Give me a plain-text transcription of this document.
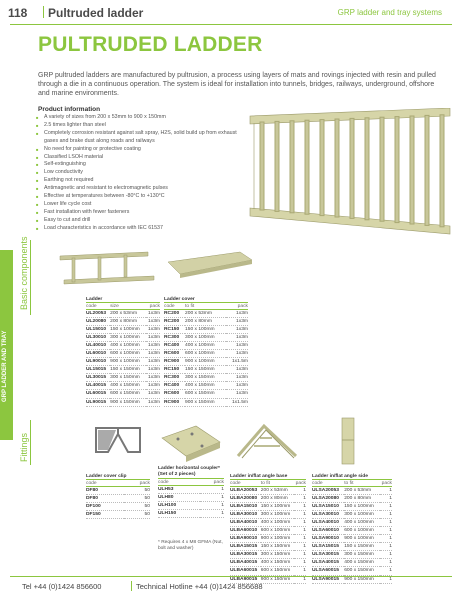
118 Pultruded ladder	GRP ladder and tray systems
PULTRUDED LADDER
GRP pultruded ladders are manufactured by pultrusion, a process using layers of mats and rovings injected with resin and pulled through a die in a continuous operation. The system is ideal for installation into tunnels, bridges, railways, underground, offshore and marine environments.
Product information
■ A variety of sizes from 200 x 53mm to 900 x 150mm
■ 2.5 times lighter than steel
■ Completely corrosion resistant against salt spray, H2S, solid build up from exhaust gases and brake dust along roads and railways
■ No need for painting or protective coating
■ Classified LSOH material
■ Self-extinguishing
■ Low conductivity
■ Earthing not required
■ Antimagnetic and resistant to electromagnetic pulses
■ Effective at temperatures between -80°C to +130°C
■ Lower life cycle cost
■ Fast installation with fewer fasteners
■ Easy to cut and drill
■ Load characteristics in accordance with IEC 61537
GRP LADDER AND TRAY
Basic components
Fittings
Ladder		
code	size	pack
UL20053	200 x 53mm	1x3m
UL20080	200 x 80mm	1x3m
UL15010	150 x 100mm	1x3m
UL30010	300 x 100mm	1x3m
UL40010	400 x 100mm	1x3m
UL60010	600 x 100mm	1x3m
UL90010	900 x 100mm	1x3m
UL15015	150 x 150mm	1x3m
UL30015	300 x 150mm	1x3m
UL40015	400 x 150mm	1x3m
UL60015	600 x 150mm	1x3m
UL90015	900 x 150mm	1x3m
Ladder cover		
code	to fit	pack
RC200	200 x 53mm	1x3m
RC200	200 x 80mm	1x3m
RC150	150 x 100mm	1x3m
RC300	300 x 100mm	1x3m
RC400	400 x 100mm	1x3m
RC600	600 x 100mm	1x3m
RC900	900 x 100mm	1x1.5m
RC150	150 x 150mm	1x3m
RC300	300 x 150mm	1x3m
RC400	400 x 150mm	1x3m
RC600	600 x 150mm	1x3m
RC900	900 x 150mm	1x1.5m
Ladder cover clip	
code	pack
DF80	50
DF80	50
DF100	50
DF150	50
Ladder horizontal coupler* (Set of 2 pieces)	
code	pack
ULH53	1
ULH80	1
ULH100	1
ULH150	1
* Requires 4 x M8 GFMA (Nut, bolt and washer)
Ladder in/flat angle base		
code	to fit	pack
ULBA20053	200 x 53mm	1
ULBA20080	200 x 80mm	1
ULBA15010	150 x 100mm	1
ULBA30010	300 x 100mm	1
ULBA40010	400 x 100mm	1
ULBA60010	600 x 100mm	1
ULBA90010	900 x 100mm	1
ULBA15015	150 x 150mm	1
ULBA30015	300 x 150mm	1
ULBA40015	400 x 150mm	1
ULBA60015	600 x 150mm	1
ULBA90015	900 x 150mm	1
Ladder in/flat angle side		
code	to fit	pack
ULSA20053	200 x 53mm	1
ULSA20080	200 x 80mm	1
ULSA15010	150 x 100mm	1
ULSA30010	300 x 100mm	1
ULSA40010	400 x 100mm	1
ULSA60010	600 x 100mm	1
ULSA90010	900 x 100mm	1
ULSA15015	150 x 150mm	1
ULSA30015	300 x 150mm	1
ULSA40015	400 x 150mm	1
ULSA60015	600 x 150mm	1
ULSA90015	900 x 150mm	1
Tel +44 (0)1424 856600	Technical Hotline +44 (0)1424 856688
